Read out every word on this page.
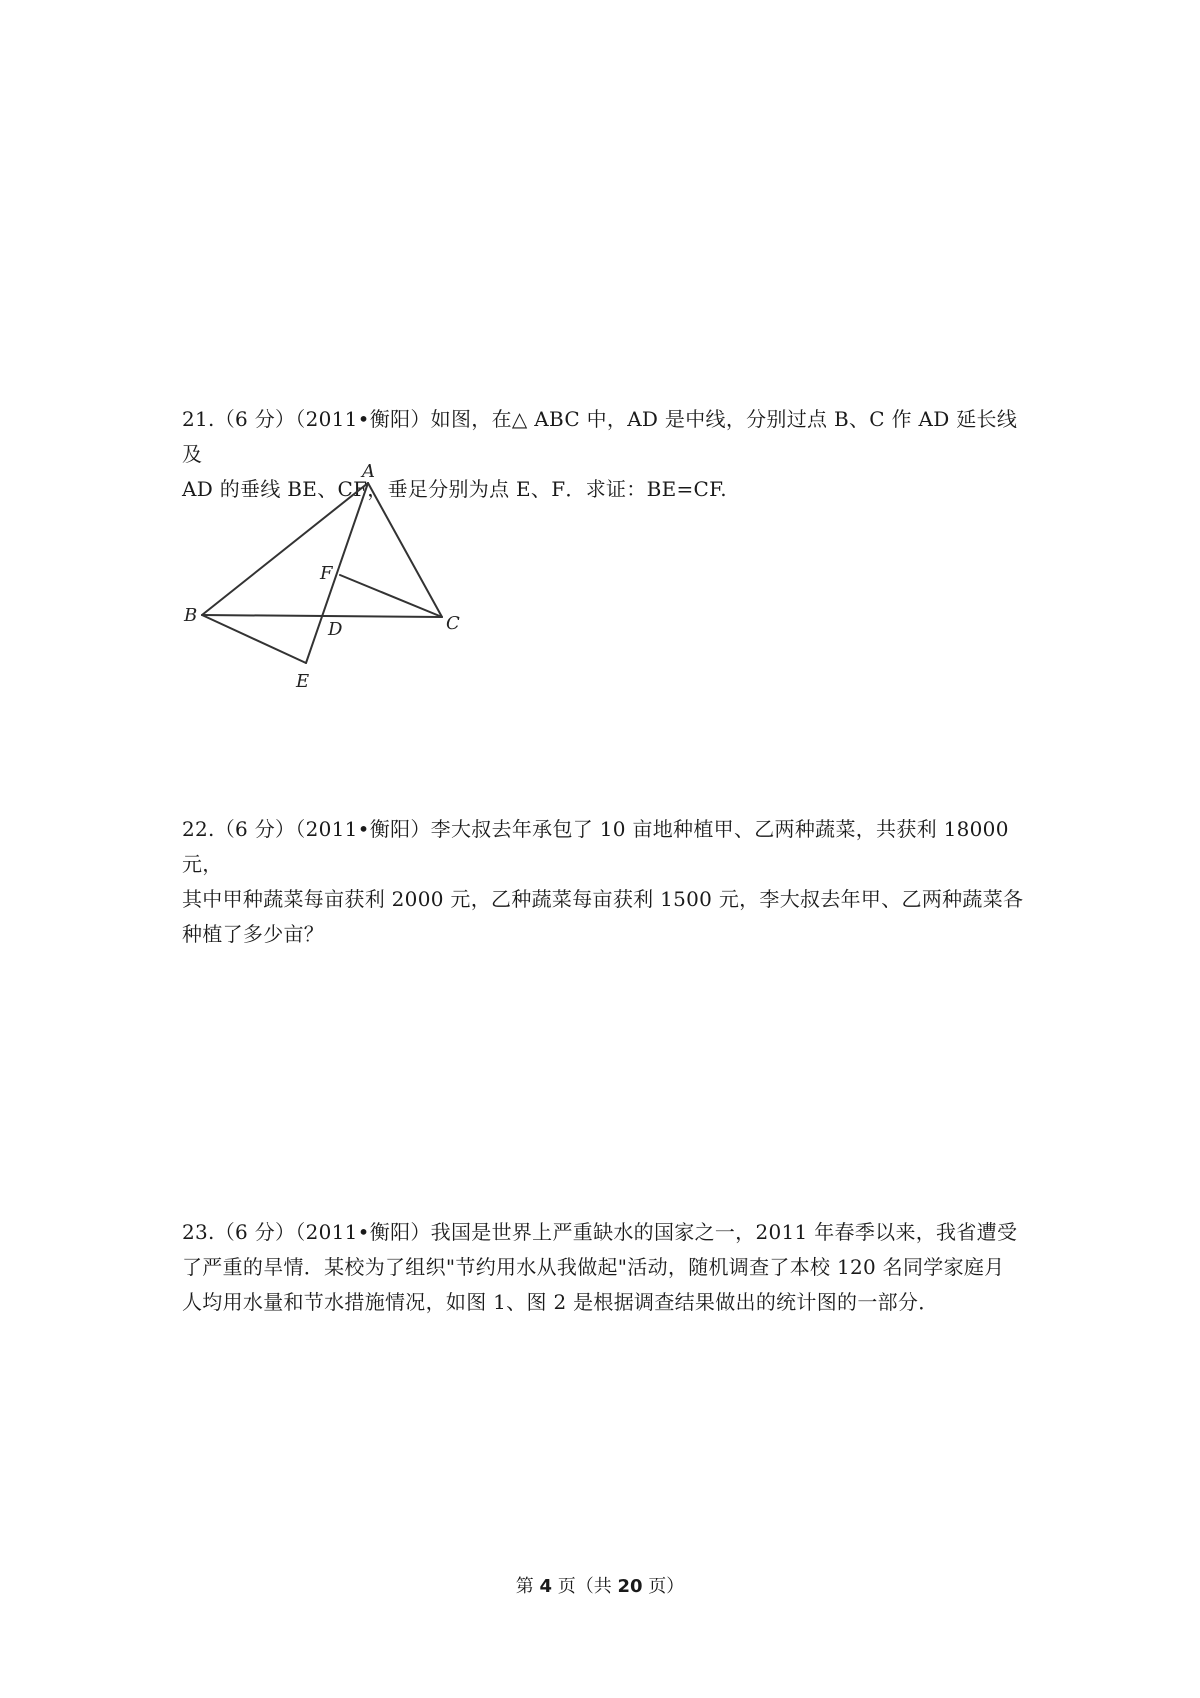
21.（6 分）（2011•衡阳）如图，在△ ABC 中，AD 是中线，分别过点 B、C 作 AD 延长线及

AD 的垂线 BE、CF，垂足分别为点 E、F．求证：BE=CF.

A
B	C
D
E
F

22.（6 分）（2011•衡阳）李大叔去年承包了 10 亩地种植甲、乙两种蔬菜，共获利 18000 元，

其中甲种蔬菜每亩获利 2000 元，乙种蔬菜每亩获利 1500 元，李大叔去年甲、乙两种蔬菜各

种植了多少亩？

23.（6 分）（2011•衡阳）我国是世界上严重缺水的国家之一，2011 年春季以来，我省遭受

了严重的旱情．某校为了组织"节约用水从我做起"活动，随机调查了本校 120 名同学家庭月

人均用水量和节水措施情况，如图 1、图 2 是根据调查结果做出的统计图的一部分．

第 4 页（共 20 页）
